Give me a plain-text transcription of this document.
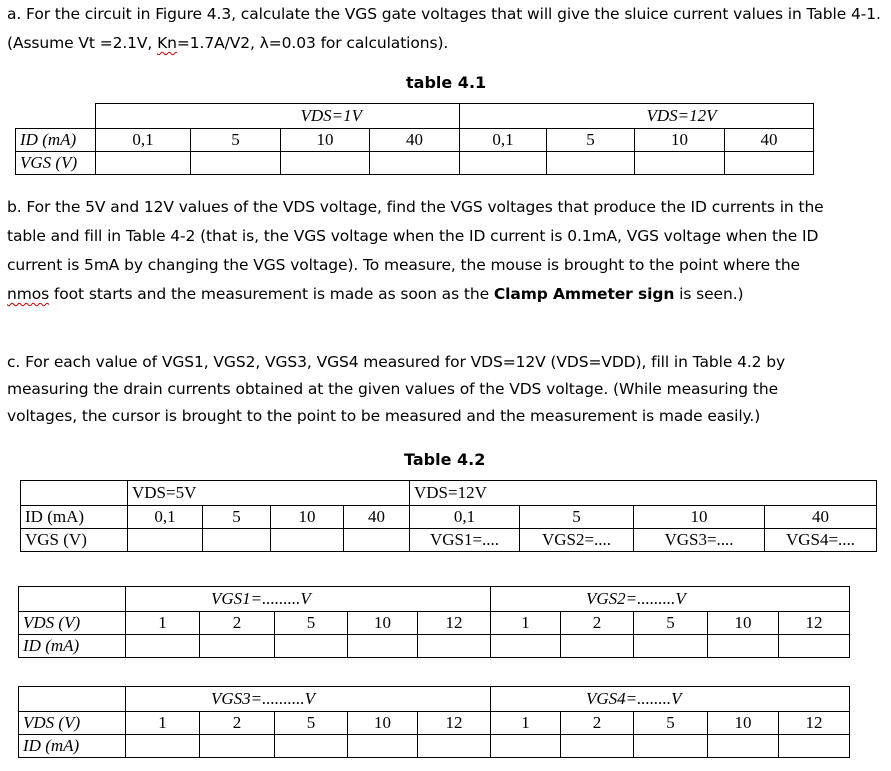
a. For the circuit in Figure 4.3, calculate the VGS gate voltages that will give the sluice current values in Table 4-1. (Assume Vt =2.1V, Kn=1.7A/V2, λ=0.03 for calculations).
table 4.1
		VDS=1V				VDS=12V		
ID (mA)	0,1	5	10	40	0,1	5	10	40
VGS (V)								
b. For the 5V and 12V values of the VDS voltage, find the VGS voltages that produce the ID currents in the
table and fill in Table 4-2 (that is, the VGS voltage when the ID current is 0.1mA, VGS voltage when the ID
current is 5mA by changing the VGS voltage). To measure, the mouse is brought to the point where the
nmos foot starts and the measurement is made as soon as the Clamp Ammeter sign is seen.)
c. For each value of VGS1, VGS2, VGS3, VGS4 measured for VDS=12V (VDS=VDD), fill in Table 4.2 by
measuring the drain currents obtained at the given values of the VDS voltage. (While measuring the
voltages, the cursor is brought to the point to be measured and the measurement is made easily.)
Table 4.2
	VDS=5V				VDS=12V			
ID (mA)	0,1	5	10	40	0,1	5	10	40
VGS (V)					VGS1=....	VGS2=....	VGS3=....	VGS4=....
	VGS1=.........V					VGS2=.........V				
VDS (V)	1	2	5	10	12	1	2	5	10	12
ID (mA)										
	VGS3=..........V					VGS4=........V				
VDS (V)	1	2	5	10	12	1	2	5	10	12
ID (mA)										
